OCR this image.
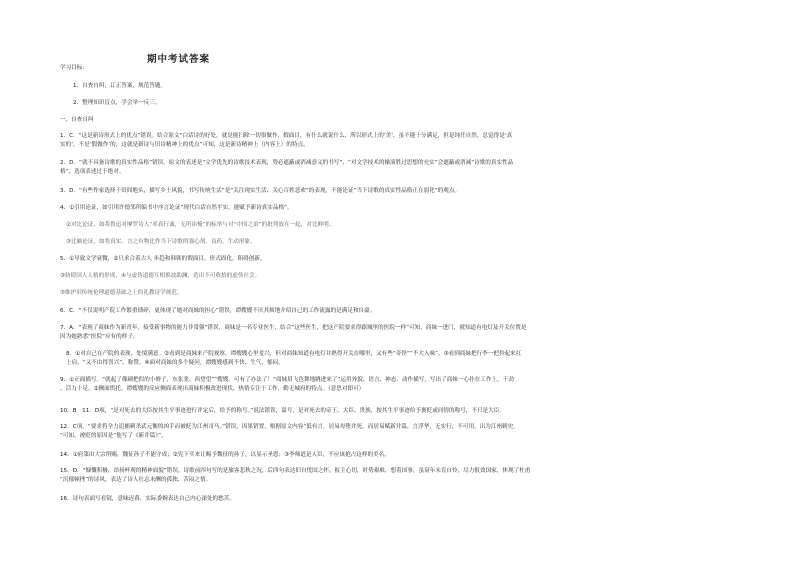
期中考试答案
学习目标：
1．自查自纠，订正答案，规范答题。
2．整理知识盲点，学会举一反三。
一、自查自纠
1．C．“这是新诗形式上的优点”错误。结合原文“白话诗的好处，就是能扫除一切很做作，假面目，有什么就说什么，所以形式上的‘美’，虽不能十分满足，但是纯任自然，总觉得是‘真
实的’，不是‘假做作’的，这就是新诗与旧诗精神上的优点”可知，这是新诗精神上（内容上）的特点。
2．D．“就不具备诗歌的真实性品格”错误。原文的表述是“文学优先的诗歌技术表现，势必遮蔽或消减意义的书写”，“对文学技术的操演胜过思想的充实”会遮蔽或消减“诗歌的真实性品
格”，选项表述过于绝对。
3．D．“有些作家选择于田间地头，描写乡土风貌，书写传统生活”是“关注现实生活、关心百姓悲欢”的表现，不能论证“当下诗歌的真实性品格正在弱化”的观点。
4．①引用论证，如引用许德邻所编书中序言论证“现代白话自然平实，能赋予新诗真实品格”。
②对比论证，如将鲁迅对摩罗诗人“率真行诚，无所讳掩”的标举与对“中国之治”的批判放在一起，对比鲜明。
③比喻论证，如将真实、言之有物比作当下诗歌的强心剂、良药，生动形象。
5．①导致文学衰微，②只求合着古人 步趋和韩韩的假面目，形式固化，阻碍创新。
③妨碍国人人格的形成，④与虚伪道德互相推波助澜，造出不可收拾的虚伪社会。
⑤维护旧传统伦理道德基础之上的礼教诗学规范。
6．C．“不仅说明产院工作繁重琐碎，更体现了她对商妹的担心”错误，谭嫂嫂不厌其烦地介绍自己的工作流露的是满足和自豪。
7．A．“表现了商妹作为新青年，接受新事物的能力非常强”错误，商妹是一名专业医生，结合“这些医生，把这产院要求得跟城里的医院一样”可知，商妹一进门，就知道有电灯及开关位置是
因为她熟悉“医院”应有的样子。
8．①对自己在产院的表现，处境满意。②看到是商妹来产院视察，谭嫂嫂心里羞兴，但对商妹知道有电灯并熟得开关在哪里，又有些“奇怪”“不大入味”。③看到商妹把行李一把拎起来扛
上肩，“又不由得喜兴”，称赞。④面对商妹的多个疑问，谭嫂嫂感到不快、生气、郁闷。
9．①正面描写。“就起了像刷把似的小辫子，东张张、西望望”“嫂嫂，可有了办法了！”商妹眉飞色舞地跳进来了”运用外貌、语言、神态、动作描写，写出了商妹一心扑在工作上，干劲
、活力十足。②侧面烘托。谭嫂嫂的反应侧面表现出商妹积极改进现状，热情专注于工作、勤无城府的特点。（意思对即可）
10．B　11．D项，“是对死去的大臣按其生平事迹进行评定后，给予的称号。”说法错误，谥号，是对死去的帝王、大臣、贵族，按其生平事迹给予褒贬或同情的称号，不只是大臣。
12．C项，“要求将全力追捕刺杀武元衡的凶手而被贬为江州司马。”错误，因果错置，根据原文内容“低有言，居易母堕井死，而居易赋新井篇，言浮华，无实行，不可用。出为江州刺史。
”可知，被贬的原因是“他写了《新井篇》”。
14．①府第由大宗所赐，魏征孙子不能守成；②宪下买来让赐予魏征的孙子，以显示圣恩；③李师道是人臣，不应该抢占这样的美名。
15．D．“慷慨积极、昂扬杯观的精神面貌”错误，诗歌前四句写的是旅客悲秋之况，后四句表达旧自忧国之怀，报主心切，时势艰难，想着国事，虽衰年未肯自怜，尽力报效国家，体现了杜甫
“沉郁顿挫”的诗风，表达了诗人壮志未酬的孤独、苦闷之情。
16．诗句表面写看镜，意味迟暮，实际委婉表达自己内心深处的愁苦。
